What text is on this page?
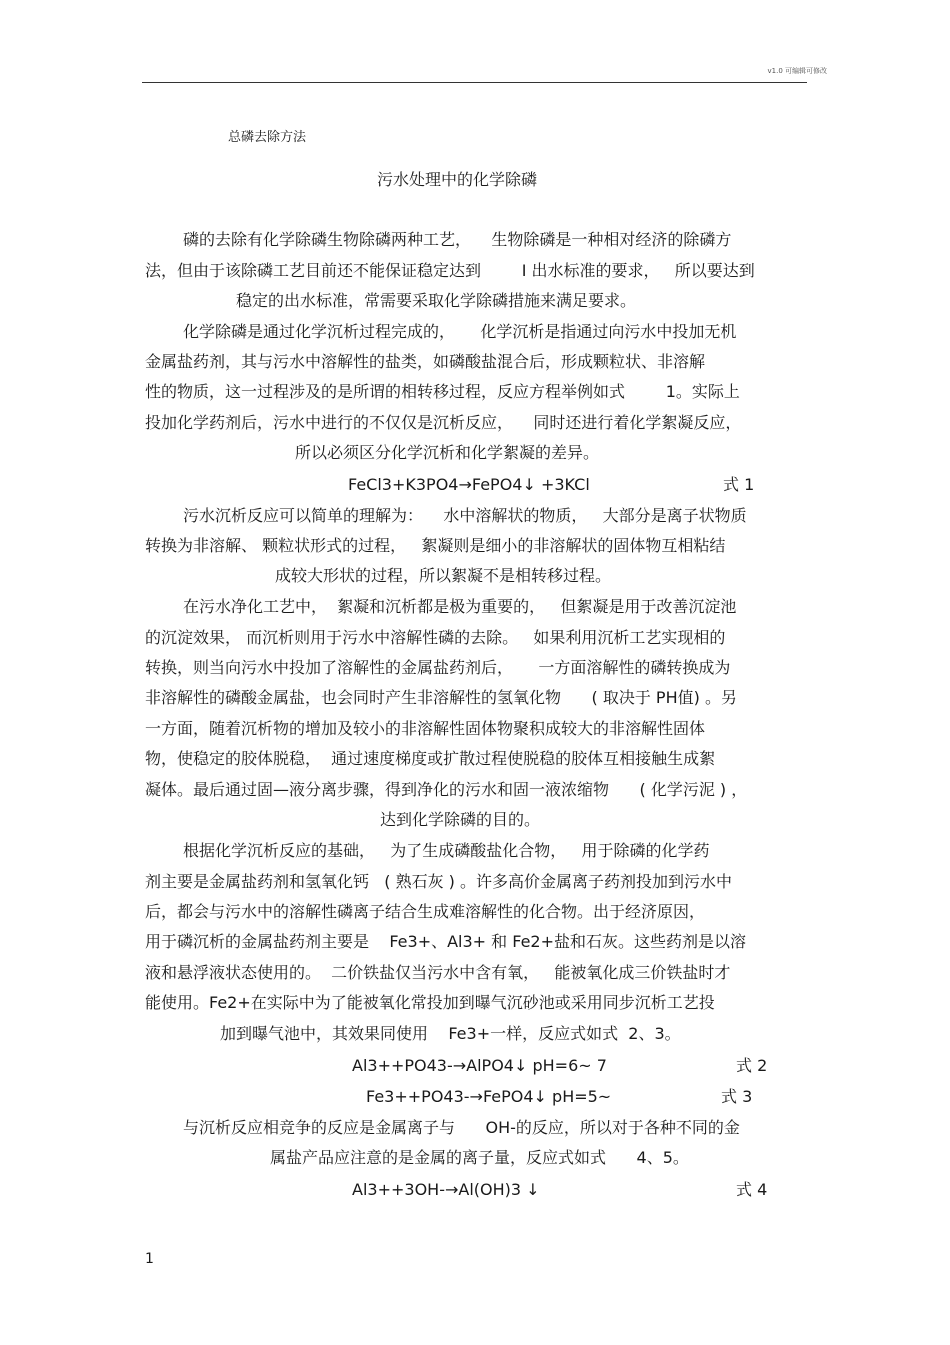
v1.0 可编辑可修改
总磷去除方法
污水处理中的化学除磷
磷的去除有化学除磷生物除磷两种工艺，    生物除磷是一种相对经济的除磷方
法，但由于该除磷工艺目前还不能保证稳定达到        I 出水标准的要求，   所以要达到
稳定的出水标准，常需要采取化学除磷措施来满足要求。
化学除磷是通过化学沉析过程完成的，     化学沉析是指通过向污水中投加无机
金属盐药剂，其与污水中溶解性的盐类，如磷酸盐混合后，形成颗粒状、非溶解
性的物质，这一过程涉及的是所谓的相转移过程，反应方程举例如式        1。实际上
投加化学药剂后，污水中进行的不仅仅是沉析反应，    同时还进行着化学絮凝反应，
所以必须区分化学沉析和化学絮凝的差异。
FeCl3+K3PO4→FePO4↓ +3KCl	式 1
污水沉析反应可以简单的理解为：    水中溶解状的物质，   大部分是离子状物质
转换为非溶解、 颗粒状形式的过程，   絮凝则是细小的非溶解状的固体物互相粘结
成较大形状的过程，所以絮凝不是相转移过程。
在污水净化工艺中，  絮凝和沉析都是极为重要的，   但絮凝是用于改善沉淀池
的沉淀效果， 而沉析则用于污水中溶解性磷的去除。   如果利用沉析工艺实现相的
转换，则当向污水中投加了溶解性的金属盐药剂后，     一方面溶解性的磷转换成为
非溶解性的磷酸金属盐，也会同时产生非溶解性的氢氧化物      ( 取决于 PH值) 。另
一方面，随着沉析物的增加及较小的非溶解性固体物聚积成较大的非溶解性固体
物，使稳定的胶体脱稳，  通过速度梯度或扩散过程使脱稳的胶体互相接触生成絮
凝体。最后通过固—液分离步骤，得到净化的污水和固一液浓缩物      ( 化学污泥 ) ，
达到化学除磷的目的。
根据化学沉析反应的基础，   为了生成磷酸盐化合物，   用于除磷的化学药
剂主要是金属盐药剂和氢氧化钙   ( 熟石灰 ) 。许多高价金属离子药剂投加到污水中
后，都会与污水中的溶解性磷离子结合生成难溶解性的化合物。出于经济原因，
用于磷沉析的金属盐药剂主要是    Fe3+、Al3+ 和 Fe2+盐和石灰。这些药剂是以溶
液和悬浮液状态使用的。  二价铁盐仅当污水中含有氧，   能被氧化成三价铁盐时才
能使用。Fe2+在实际中为了能被氧化常投加到曝气沉砂池或采用同步沉析工艺投
加到曝气池中，其效果同使用    Fe3+一样，反应式如式  2、3。
Al3++PO43-→AlPO4↓ pH=6~ 7	式 2
Fe3++PO43-→FePO4↓ pH=5~	式 3
与沉析反应相竞争的反应是金属离子与      OH-的反应，所以对于各种不同的金
属盐产品应注意的是金属的离子量，反应式如式      4、5。
Al3++3OH-→Al(OH)3 ↓	式 4
1
